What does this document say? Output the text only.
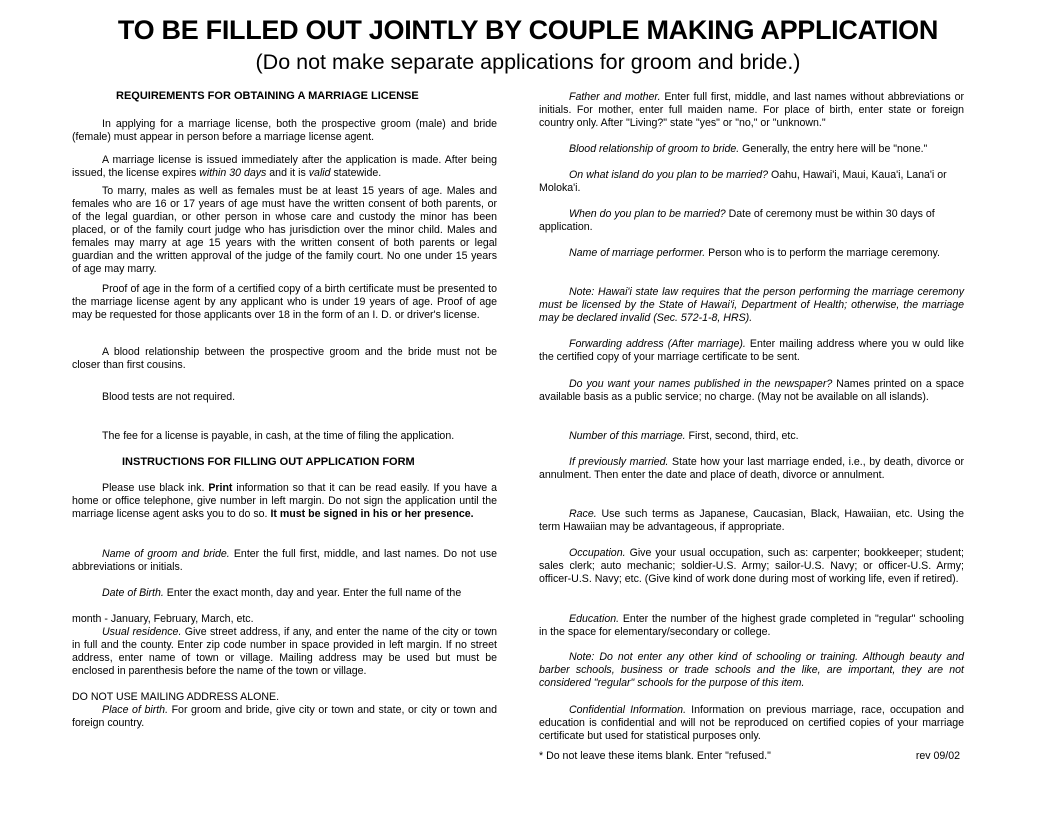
TO BE FILLED OUT JOINTLY BY COUPLE MAKING APPLICATION

(Do not make separate applications for groom and bride.)

REQUIREMENTS FOR OBTAINING A MARRIAGE LICENSE

In applying for a marriage license, both the prospective groom (male) and bride (female) must appear in person before a marriage license agent.

A marriage license is issued immediately after the application is made. After being issued, the license expires within 30 days and it is valid statewide.

To marry, males as well as females must be at least 15 years of age. Males and females who are 16 or 17 years of age must have the written consent of both parents, or of the legal guardian, or other person in whose care and custody the minor has been placed, or of the family court judge who has jurisdiction over the minor child. Males and females may marry at age 15 years with the written consent of both parents or legal guardian and the written approval of the judge of the family court. No one under 15 years of age may marry.

Proof of age in the form of a certified copy of a birth certificate must be presented to the marriage license agent by any applicant who is under 19 years of age. Proof of age may be requested for those applicants over 18 in the form of an I. D. or driver's license.

A blood relationship between the prospective groom and the bride must not be closer than first cousins.

Blood tests are not required.

The fee for a license is payable, in cash, at the time of filing the application.

INSTRUCTIONS FOR FILLING OUT APPLICATION FORM

Please use black ink. Print information so that it can be read easily. If you have a home or office telephone, give number in left margin. Do not sign the application until the marriage license agent asks you to do so. It must be signed in his or her presence.

Name of groom and bride. Enter the full first, middle, and last names. Do not use abbreviations or initials.

Date of Birth. Enter the exact month, day and year. Enter the full name of the

month - January, February, March, etc.

Usual residence. Give street address, if any, and enter the name of the city or town in full and the county. Enter zip code number in space provided in left margin. If no street address, enter name of town or village. Mailing address may be used but must be enclosed in parenthesis before the name of the town or village.

DO NOT USE MAILING ADDRESS ALONE.

Place of birth. For groom and bride, give city or town and state, or city or town and foreign country.

Father and mother. Enter full first, middle, and last names without abbreviations or initials. For mother, enter full maiden name. For place of birth, enter state or foreign country only. After "Living?" state "yes" or "no," or "unknown."

Blood relationship of groom to bride. Generally, the entry here will be "none."

On what island do you plan to be married? Oahu, Hawai'i, Maui, Kaua'i, Lana'i or Moloka'i.

When do you plan to be married? Date of ceremony must be within 30 days of application.

Name of marriage performer. Person who is to perform the marriage ceremony.

Note: Hawai'i state law requires that the person performing the marriage ceremony must be licensed by the State of Hawai'i, Department of Health; otherwise, the marriage may be declared invalid (Sec. 572-1-8, HRS).

Forwarding address (After marriage). Enter mailing address where you w ould like the certified copy of your marriage certificate to be sent.

Do you want your names published in the newspaper? Names printed on a space available basis as a public service; no charge. (May not be available on all islands).

Number of this marriage. First, second, third, etc.

If previously married. State how your last marriage ended, i.e., by death, divorce or annulment. Then enter the date and place of death, divorce or annulment.

Race. Use such terms as Japanese, Caucasian, Black, Hawaiian, etc. Using the term Hawaiian may be advantageous, if appropriate.

Occupation. Give your usual occupation, such as: carpenter; bookkeeper; student; sales clerk; auto mechanic; soldier-U.S. Army; sailor-U.S. Navy; or officer-U.S. Army; officer-U.S. Navy; etc. (Give kind of work done during most of working life, even if retired).

Education. Enter the number of the highest grade completed in "regular" schooling in the space for elementary/secondary or college.

Note: Do not enter any other kind of schooling or training. Although beauty and barber schools, business or trade schools and the like, are important, they are not considered "regular" schools for the purpose of this item.

Confidential Information. Information on previous marriage, race, occupation and education is confidential and will not be reproduced on certified copies of your marriage certificate but used for statistical purposes only.

* Do not leave these items blank. Enter "refused."	rev 09/02
